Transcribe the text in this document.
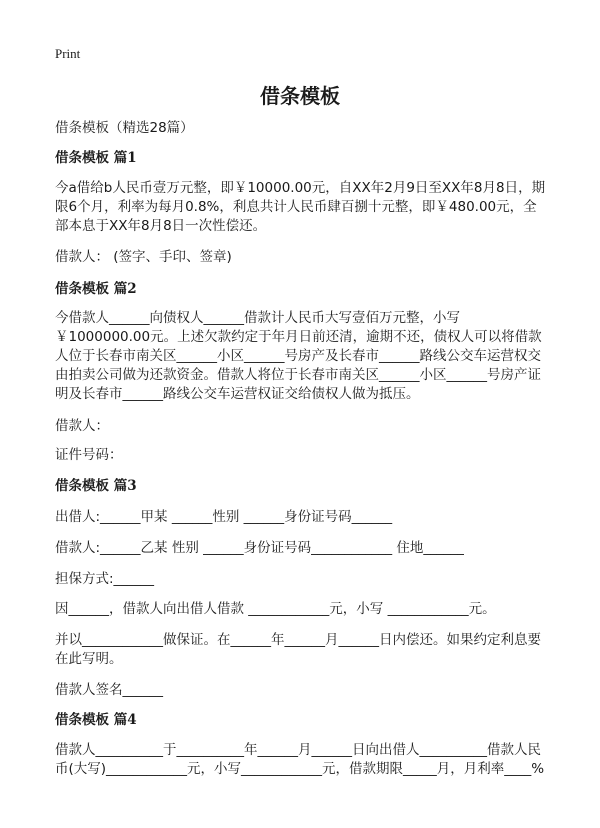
Print
借条模板

借条模板（精选28篇）

借条模板 篇1

今a借给b人民币壹万元整，即￥10000.00元，自XX年2月9日至XX年8月8日，期限6个月，利率为每月0.8%，利息共计人民币肆百捌十元整，即￥480.00元，全部本息于XX年8月8日一次性偿还。

借款人： (签字、手印、签章)

借条模板 篇2

今借款人______向债权人______借款计人民币大写壹佰万元整，小写￥1000000.00元。上述欠款约定于年月日前还清，逾期不还，债权人可以将借款人位于长春市南关区______小区______号房产及长春市______路线公交车运营权交由拍卖公司做为还款资金。借款人将位于长春市南关区______小区______号房产证明及长春市______路线公交车运营权证交给债权人做为抵压。

借款人：

证件号码：

借条模板 篇3

出借人:______甲某 ______性别 ______身份证号码______

借款人:______乙某 性别 ______身份证号码____________ 住地______

担保方式:______

因______，借款人向出借人借款 ____________元，小写 ____________元。

并以____________做保证。在______年______月______日内偿还。如果约定利息要在此写明。

借款人签名______

借条模板 篇4

借款人__________于__________年______月______日向出借人__________借款人民币(大写)____________元，小写____________元，借款期限_____月，月利率____%
